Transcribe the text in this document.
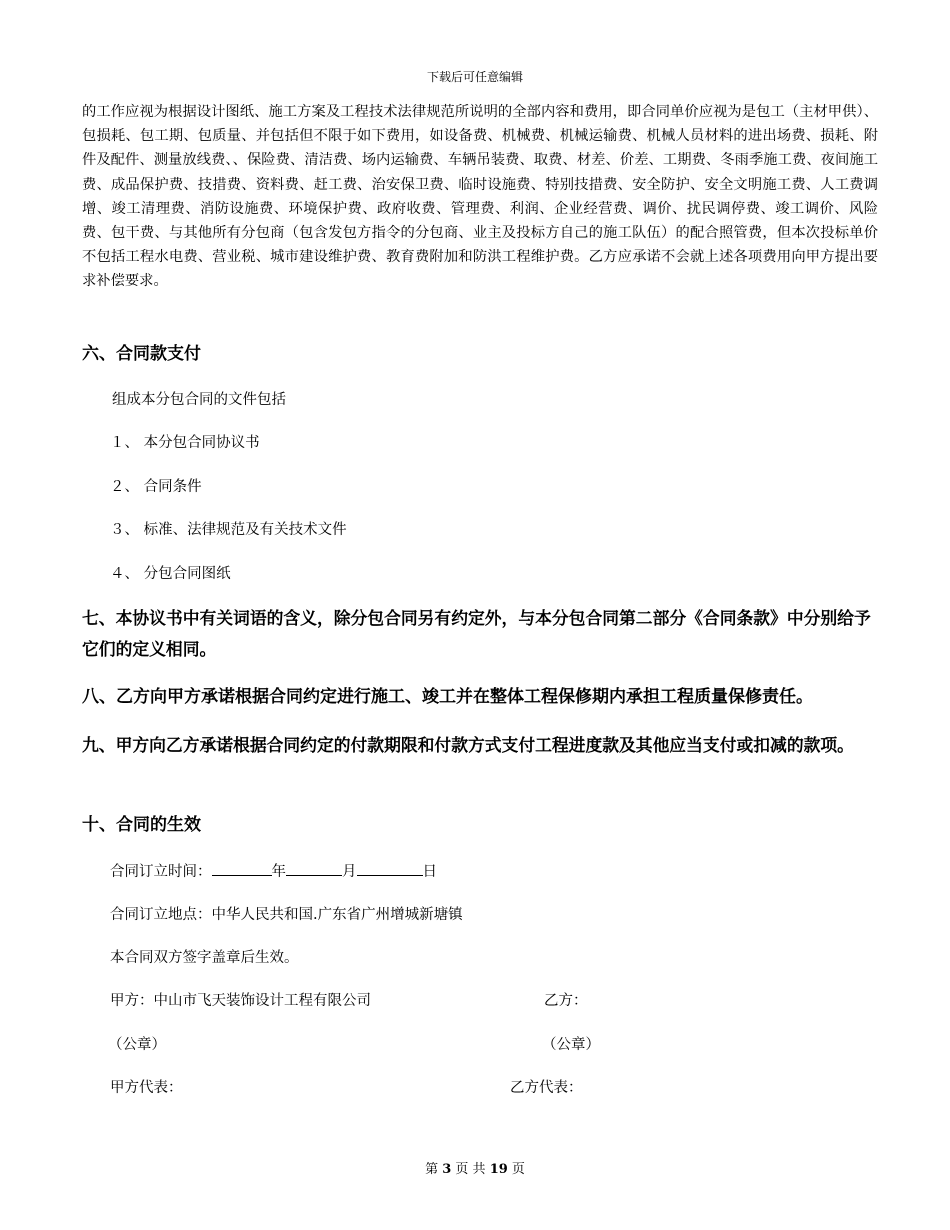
下载后可任意编辑
的工作应视为根据设计图纸、施工方案及工程技术法律规范所说明的全部内容和费用，即合同单价应视为是包工（主材甲供）、包损耗、包工期、包质量、并包括但不限于如下费用，如设备费、机械费、机械运输费、机械人员材料的进出场费、损耗、附件及配件、测量放线费、、保险费、清洁费、场内运输费、车辆吊装费、取费、材差、价差、工期费、冬雨季施工费、夜间施工费、成品保护费、技措费、资料费、赶工费、治安保卫费、临时设施费、特别技措费、安全防护、安全文明施工费、人工费调增、竣工清理费、消防设施费、环境保护费、政府收费、管理费、利润、企业经营费、调价、扰民调停费、竣工调价、风险费、包干费、与其他所有分包商（包含发包方指令的分包商、业主及投标方自己的施工队伍）的配合照管费，但本次投标单价不包括工程水电费、营业税、城市建设维护费、教育费附加和防洪工程维护费。乙方应承诺不会就上述各项费用向甲方提出要求补偿要求。
六、合同款支付
组成本分包合同的文件包括
１、 本分包合同协议书
２、 合同条件
３、 标准、法律规范及有关技术文件
４、 分包合同图纸
七、本协议书中有关词语的含义，除分包合同另有约定外，与本分包合同第二部分《合同条款》中分别给予它们的定义相同。
八、乙方向甲方承诺根据合同约定进行施工、竣工并在整体工程保修期内承担工程质量保修责任。
九、甲方向乙方承诺根据合同约定的付款期限和付款方式支付工程进度款及其他应当支付或扣减的款项。
十、合同的生效
合同订立时间：	年	月	日
合同订立地点：中华人民共和国.广东省广州增城新塘镇
本合同双方签字盖章后生效。
甲方：中山市飞天装饰设计工程有限公司	乙方：
（公章）	（公章）
甲方代表：	乙方代表：
第 3 页 共 19 页
